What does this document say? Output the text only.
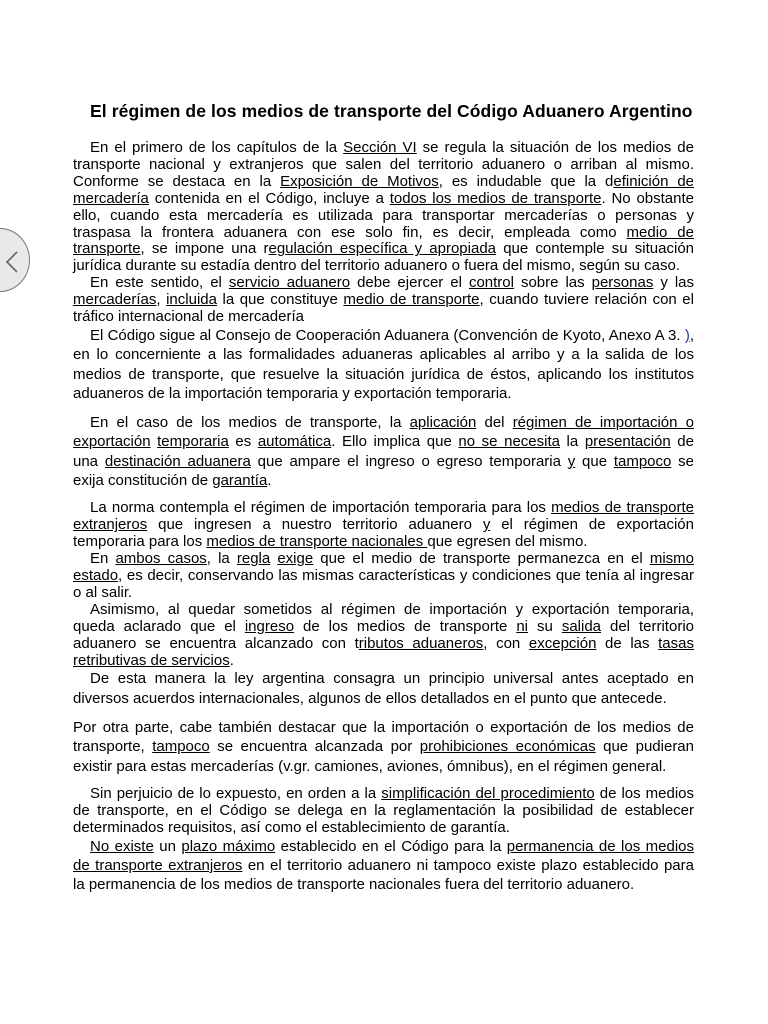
El régimen de los medios de transporte del Código Aduanero Argentino

En el primero de los capítulos de la Sección VI se regula la situación de los medios de transporte nacional y extranjeros que salen del territorio aduanero o arriban al mismo. Conforme se destaca en la Exposición de Motivos, es indudable que la definición de mercadería contenida en el Código, incluye a todos los medios de transporte. No obstante ello, cuando esta mercadería es utilizada para transportar mercaderías o personas y traspasa la frontera aduanera con ese solo fin, es decir, empleada como medio de transporte, se impone una regulación específica y apropiada que contemple su situación jurídica durante su estadía dentro del territorio aduanero o fuera del mismo, según su caso.

En este sentido, el servicio aduanero debe ejercer el control sobre las personas y las mercaderías, incluida la que constituye medio de transporte, cuando tuviere relación con el tráfico internacional de mercadería

El Código sigue al Consejo de Cooperación Aduanera (Convención de Kyoto, Anexo A 3. ), en lo concerniente a las formalidades aduaneras aplicables al arribo y a la salida de los medios de transporte, que resuelve la situación jurídica de éstos, aplicando los institutos aduaneros de la importación temporaria y exportación temporaria.

En el caso de los medios de transporte, la aplicación del régimen de importación o exportación temporaria es automática. Ello implica que no se necesita la presentación de una destinación aduanera que ampare el ingreso o egreso temporaria y que tampoco se exija constitución de garantía.

La norma contempla el régimen de importación temporaria para los medios de transporte extranjeros que ingresen a nuestro territorio aduanero y el régimen de exportación temporaria para los medios de transporte nacionales que egresen del mismo.

En ambos casos, la regla exige que el medio de transporte permanezca en el mismo estado, es decir, conservando las mismas características y condiciones que tenía al ingresar o al salir.

Asimismo, al quedar sometidos al régimen de importación y exportación temporaria, queda aclarado que el ingreso de los medios de transporte ni su salida del territorio aduanero se encuentra alcanzado con tributos aduaneros, con excepción de las tasas retributivas de servicios.

De esta manera la ley argentina consagra un principio universal antes aceptado en diversos acuerdos internacionales, algunos de ellos detallados en el punto que antecede.

Por otra parte, cabe también destacar que la importación o exportación de los medios de transporte, tampoco se encuentra alcanzada por prohibiciones económicas que pudieran existir para estas mercaderías (v.gr. camiones, aviones, ómnibus), en el régimen general.

Sin perjuicio de lo expuesto, en orden a la simplificación del procedimiento de los medios de transporte, en el Código se delega en la reglamentación la posibilidad de establecer determinados requisitos, así como el establecimiento de garantía.

No existe un plazo máximo establecido en el Código para la permanencia de los medios de transporte extranjeros en el territorio aduanero ni tampoco existe plazo establecido para la permanencia de los medios de transporte nacionales fuera del territorio aduanero.
